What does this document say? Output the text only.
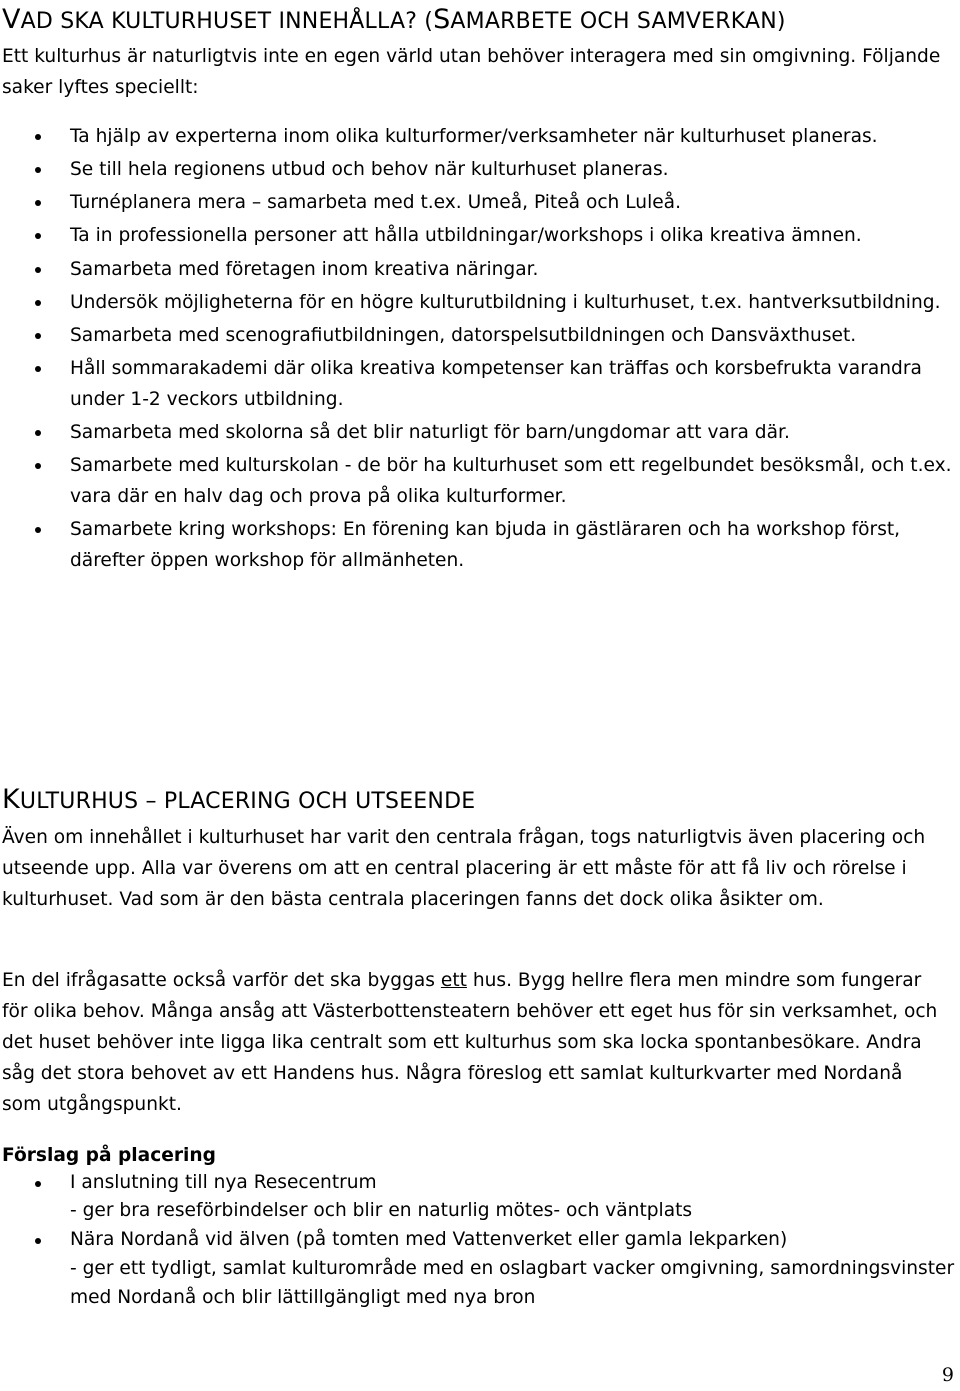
VAD SKA KULTURHUSET INNEHÅLLA? (SAMARBETE OCH SAMVERKAN)
Ett kulturhus är naturligtvis inte en egen värld utan behöver interagera med sin omgivning. Följande saker lyftes speciellt:
Ta hjälp av experterna inom olika kulturformer/verksamheter när kulturhuset planeras.
Se till hela regionens utbud och behov när kulturhuset planeras.
Turnéplanera mera – samarbeta med t.ex. Umeå, Piteå och Luleå.
Ta in professionella personer att hålla utbildningar/workshops i olika kreativa ämnen.
Samarbeta med företagen inom kreativa näringar.
Undersök möjligheterna för en högre kulturutbildning i kulturhuset, t.ex. hantverksutbildning.
Samarbeta med scenografiutbildningen, datorspelsutbildningen och Dansväxthuset.
Håll sommarakademi där olika kreativa kompetenser kan träffas och korsbefrukta varandra under 1-2 veckors utbildning.
Samarbeta med skolorna så det blir naturligt för barn/ungdomar att vara där.
Samarbete med kulturskolan - de bör ha kulturhuset som ett regelbundet besöksmål, och t.ex. vara där en halv dag och prova på olika kulturformer.
Samarbete kring workshops: En förening kan bjuda in gästläraren och ha workshop först, därefter öppen workshop för allmänheten.
KULTURHUS – PLACERING OCH UTSEENDE
Även om innehållet i kulturhuset har varit den centrala frågan, togs naturligtvis även placering och utseende upp. Alla var överens om att en central placering är ett måste för att få liv och rörelse i kulturhuset. Vad som är den bästa centrala placeringen fanns det dock olika åsikter om.
En del ifrågasatte också varför det ska byggas ett hus. Bygg hellre flera men mindre som fungerar för olika behov. Många ansåg att Västerbottensteatern behöver ett eget hus för sin verksamhet, och det huset behöver inte ligga lika centralt som ett kulturhus som ska locka spontanbesökare. Andra såg det stora behovet av ett Handens hus. Några föreslog ett samlat kulturkvarter med Nordanå som utgångspunkt.
Förslag på placering
I anslutning till nya Resecentrum
- ger bra reseförbindelser och blir en naturlig mötes- och väntplats
Nära Nordanå vid älven (på tomten med Vattenverket eller gamla lekparken)
- ger ett tydligt, samlat kulturområde med en oslagbart vacker omgivning, samordningsvinster med Nordanå och blir lättillgängligt med nya bron
9
